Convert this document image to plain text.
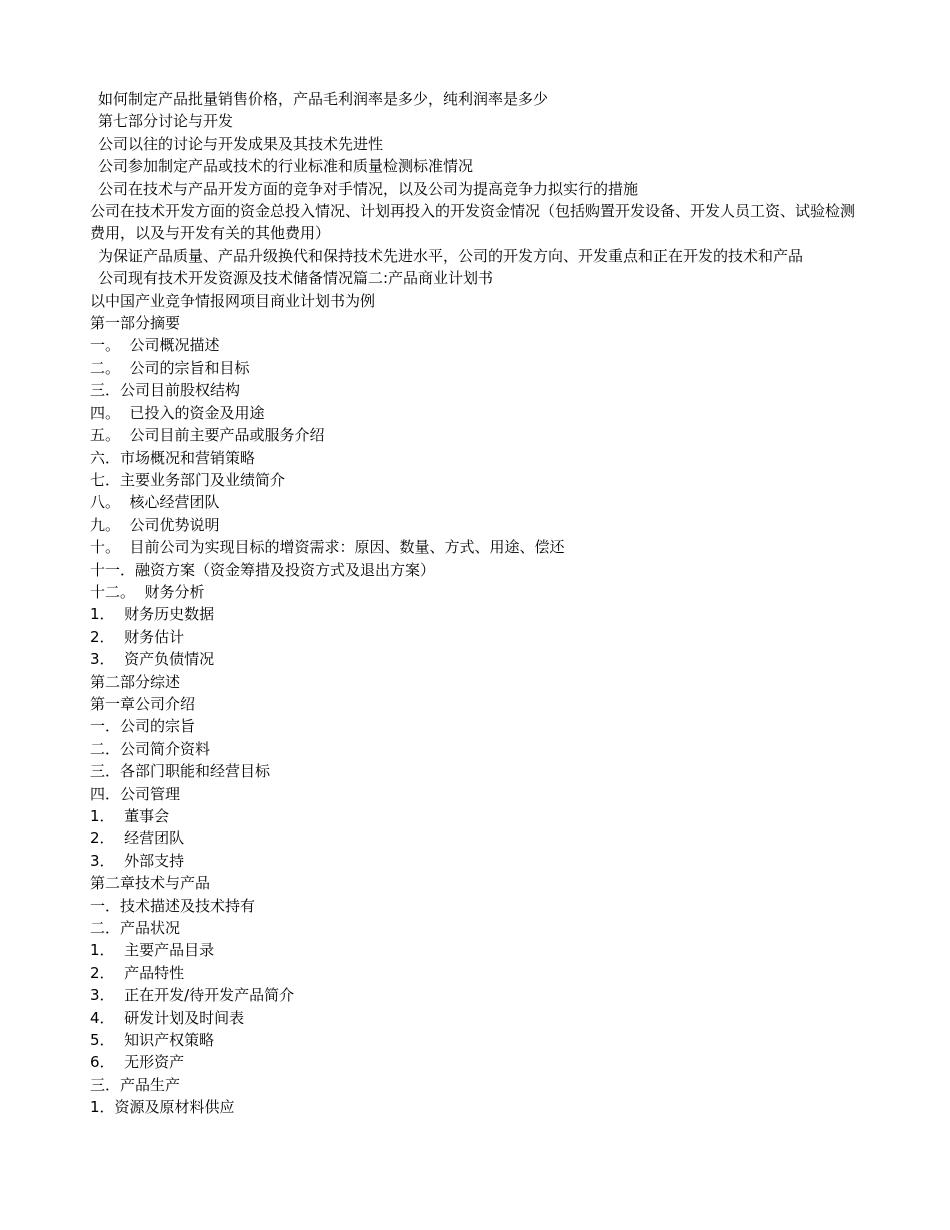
如何制定产品批量销售价格，产品毛利润率是多少，纯利润率是多少

第七部分讨论与开发

公司以往的讨论与开发成果及其技术先进性

公司参加制定产品或技术的行业标准和质量检测标准情况

公司在技术与产品开发方面的竞争对手情况，以及公司为提高竞争力拟实行的措施

公司在技术开发方面的资金总投入情况、计划再投入的开发资金情况（包括购置开发设备、开发人员工资、试验检测费用，以及与开发有关的其他费用）

为保证产品质量、产品升级换代和保持技术先进水平，公司的开发方向、开发重点和正在开发的技术和产品

公司现有技术开发资源及技术储备情况篇二:产品商业计划书

以中国产业竞争情报网项目商业计划书为例

第一部分摘要

一。  公司概况描述

二。  公司的宗旨和目标

三．公司目前股权结构

四。  已投入的资金及用途

五。  公司目前主要产品或服务介绍

六．市场概况和营销策略

七．主要业务部门及业绩简介

八。  核心经营团队

九。  公司优势说明

十。  目前公司为实现目标的增资需求：原因、数量、方式、用途、偿还

十一．融资方案（资金筹措及投资方式及退出方案）

十二。  财务分析

1．  财务历史数据

2．  财务估计

3．  资产负债情况

第二部分综述

第一章公司介绍

一．公司的宗旨

二．公司简介资料

三．各部门职能和经营目标

四．公司管理

1．  董事会

2．  经营团队

3．  外部支持

第二章技术与产品

一．技术描述及技术持有

二．产品状况

1．  主要产品目录

2．  产品特性

3．  正在开发/待开发产品简介

4．  研发计划及时间表

5．  知识产权策略

6．  无形资产

三．产品生产

1．资源及原材料供应
